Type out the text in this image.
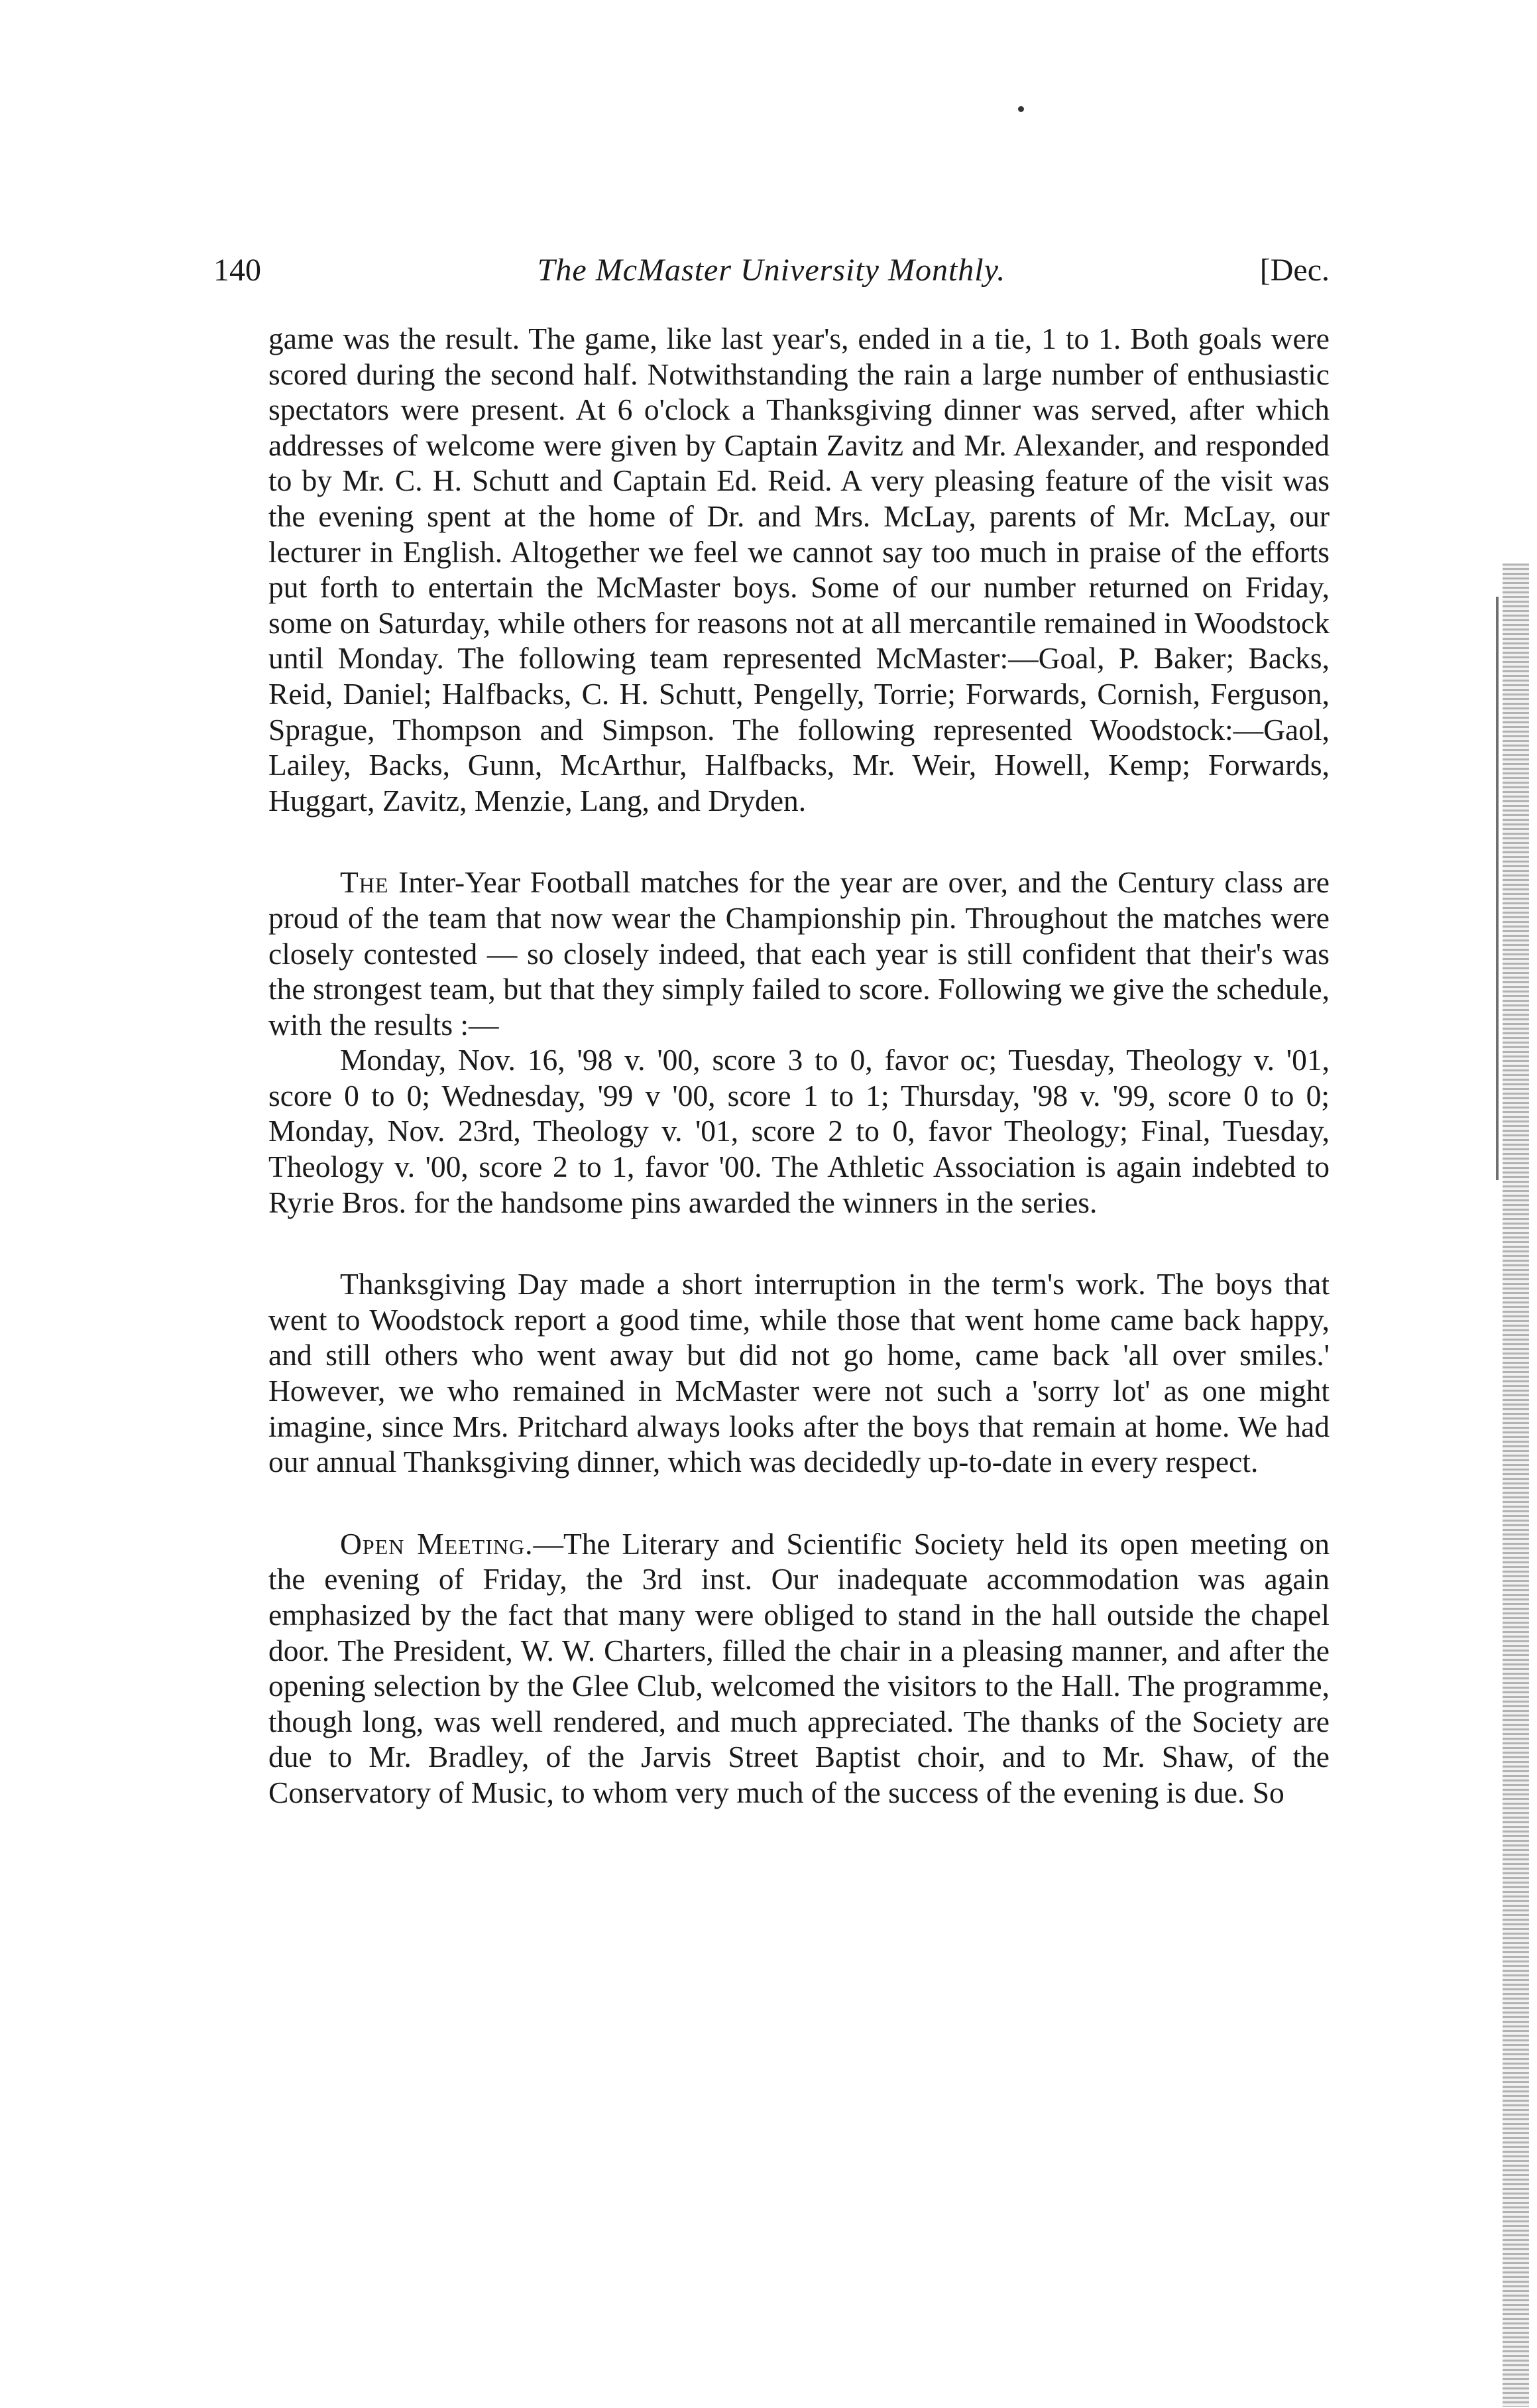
140	The McMaster University Monthly.	[Dec.

game was the result. The game, like last year's, ended in a tie, 1 to 1. Both goals were scored during the second half. Notwithstanding the rain a large number of enthusiastic spectators were present. At 6 o'clock a Thanksgiving dinner was served, after which addresses of welcome were given by Captain Zavitz and Mr. Alexander, and responded to by Mr. C. H. Schutt and Captain Ed. Reid. A very pleasing feature of the visit was the evening spent at the home of Dr. and Mrs. McLay, parents of Mr. McLay, our lecturer in English. Altogether we feel we cannot say too much in praise of the efforts put forth to entertain the McMaster boys. Some of our number returned on Friday, some on Saturday, while others for reasons not at all mercantile remained in Woodstock until Monday. The following team represented McMaster:—Goal, P. Baker; Backs, Reid, Daniel; Halfbacks, C. H. Schutt, Pengelly, Torrie; Forwards, Cornish, Ferguson, Sprague, Thompson and Simpson. The following represented Woodstock:—Gaol, Lailey, Backs, Gunn, McArthur, Halfbacks, Mr. Weir, Howell, Kemp; Forwards, Huggart, Zavitz, Menzie, Lang, and Dryden.

The Inter-Year Football matches for the year are over, and the Century class are proud of the team that now wear the Championship pin. Throughout the matches were closely contested — so closely indeed, that each year is still confident that their's was the strongest team, but that they simply failed to score. Following we give the schedule, with the results :—

Monday, Nov. 16, '98 v. '00, score 3 to 0, favor oc; Tuesday, Theology v. '01, score 0 to 0; Wednesday, '99 v '00, score 1 to 1; Thursday, '98 v. '99, score 0 to 0; Monday, Nov. 23rd, Theology v. '01, score 2 to 0, favor Theology; Final, Tuesday, Theology v. '00, score 2 to 1, favor '00. The Athletic Association is again indebted to Ryrie Bros. for the handsome pins awarded the winners in the series.

Thanksgiving Day made a short interruption in the term's work. The boys that went to Woodstock report a good time, while those that went home came back happy, and still others who went away but did not go home, came back 'all over smiles.' However, we who remained in McMaster were not such a 'sorry lot' as one might imagine, since Mrs. Pritchard always looks after the boys that remain at home. We had our annual Thanksgiving dinner, which was decidedly up-to-date in every respect.

Open Meeting.—The Literary and Scientific Society held its open meeting on the evening of Friday, the 3rd inst. Our inadequate accommodation was again emphasized by the fact that many were obliged to stand in the hall outside the chapel door. The President, W. W. Charters, filled the chair in a pleasing manner, and after the opening selection by the Glee Club, welcomed the visitors to the Hall. The programme, though long, was well rendered, and much appreciated. The thanks of the Society are due to Mr. Bradley, of the Jarvis Street Baptist choir, and to Mr. Shaw, of the Conservatory of Music, to whom very much of the success of the evening is due. So
